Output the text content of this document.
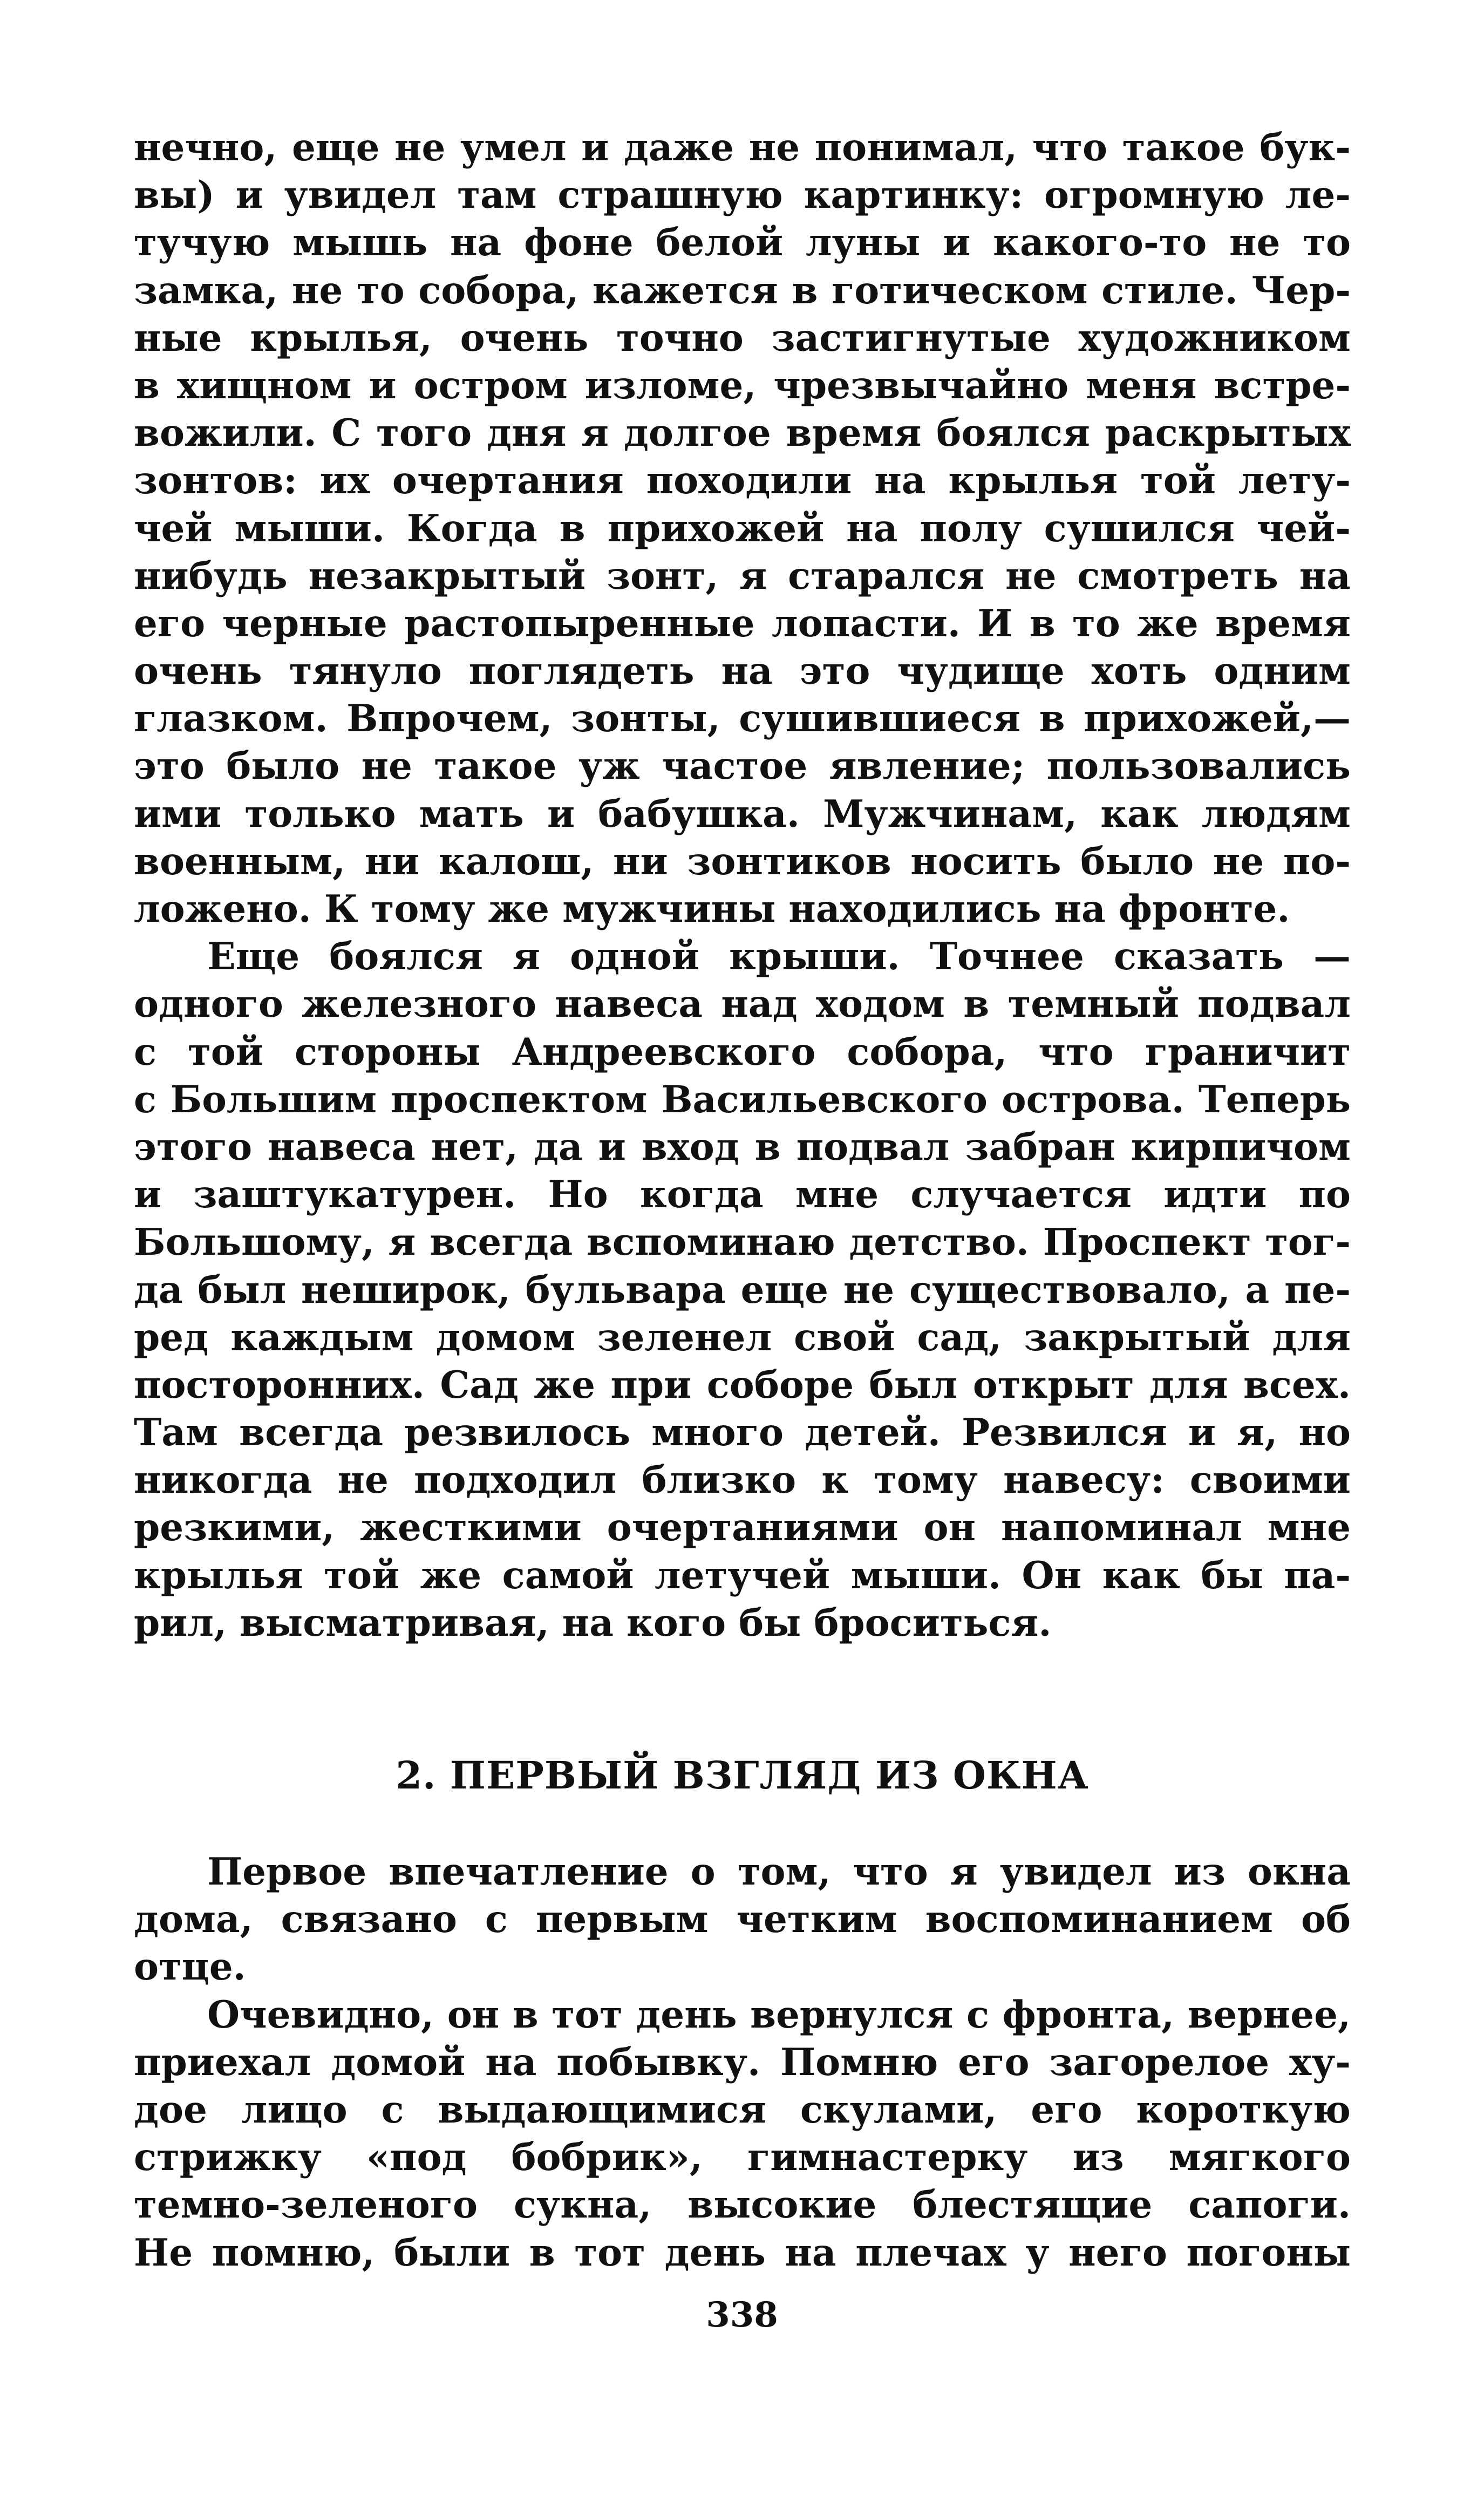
нечно, еще не умел и даже не понимал, что такое бук-
вы) и увидел там страшную картинку: огромную ле-
тучую мышь на фоне белой луны и какого-то не то
замка, не то собора, кажется в готическом стиле. Чер-
ные крылья, очень точно застигнутые художником
в хищном и остром изломе, чрезвычайно меня встре-
вожили. С того дня я долгое время боялся раскрытых
зонтов: их очертания походили на крылья той лету-
чей мыши. Когда в прихожей на полу сушился чей-
нибудь незакрытый зонт, я старался не смотреть на
его черные растопыренные лопасти. И в то же время
очень тянуло поглядеть на это чудище хоть одним
глазком. Впрочем, зонты, сушившиеся в прихожей,—
это было не такое уж частое явление; пользовались
ими только мать и бабушка. Мужчинам, как людям
военным, ни калош, ни зонтиков носить было не по-
ложено. К тому же мужчины находились на фронте.
Еще боялся я одной крыши. Точнее сказать —
одного железного навеса над ходом в темный подвал
с той стороны Андреевского собора, что граничит
с Большим проспектом Васильевского острова. Теперь
этого навеса нет, да и вход в подвал забран кирпичом
и заштукатурен. Но когда мне случается идти по
Большому, я всегда вспоминаю детство. Проспект тог-
да был неширок, бульвара еще не существовало, а пе-
ред каждым домом зеленел свой сад, закрытый для
посторонних. Сад же при соборе был открыт для всех.
Там всегда резвилось много детей. Резвился и я, но
никогда не подходил близко к тому навесу: своими
резкими, жесткими очертаниями он напоминал мне
крылья той же самой летучей мыши. Он как бы па-
рил, высматривая, на кого бы броситься.
2. ПЕРВЫЙ ВЗГЛЯД ИЗ ОКНА
Первое впечатление о том, что я увидел из окна
дома, связано с первым четким воспоминанием об
отце.
Очевидно, он в тот день вернулся с фронта, вернее,
приехал домой на побывку. Помню его загорелое ху-
дое лицо с выдающимися скулами, его короткую
стрижку «под бобрик», гимнастерку из мягкого
темно-зеленого сукна, высокие блестящие сапоги.
Не помню, были в тот день на плечах у него погоны
338
